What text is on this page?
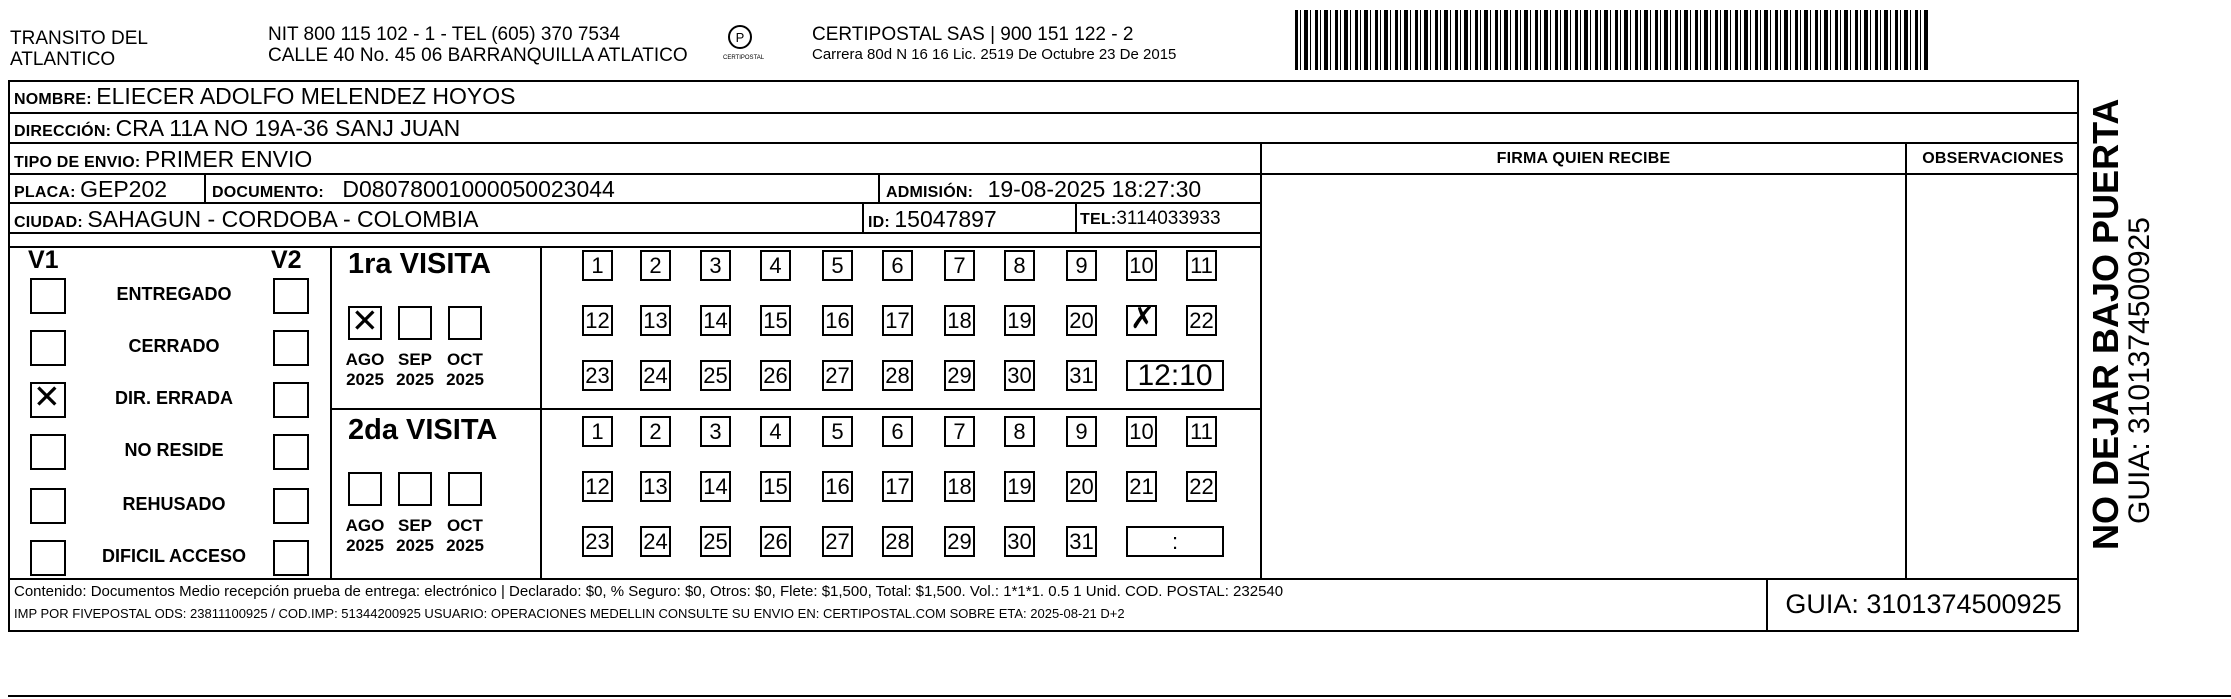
TRANSITO DEL
ATLANTICO
NIT 800 115 102 - 1 - TEL (605) 370 7534
CALLE 40 No. 45 06 BARRANQUILLA ATLATICO
P
CERTIPOSTAL
CERTIPOSTAL SAS | 900 151 122 - 2
Carrera 80d N 16 16 Lic. 2519 De Octubre 23 De 2015
NOMBRE: ELIECER ADOLFO MELENDEZ HOYOS
DIRECCIÓN: CRA 11A NO 19A-36 SANJ JUAN
TIPO DE ENVIO: PRIMER ENVIO	FIRMA QUIEN RECIBE	OBSERVACIONES
PLACA: GEP202	DOCUMENTO: D08078001000050023044	ADMISIÓN: 19-08-2025 18:27:30
CIUDAD: SAHAGUN - CORDOBA - COLOMBIA	ID: 15047897	TEL:3114033933
V1	V2
ENTREGADO
CERRADO
✕
DIR. ERRADA
NO RESIDE
REHUSADO
DIFICIL ACCESO
1ra VISITA
2da VISITA
✕
AGO
2025
SEP
2025
OCT
2025
AGO
2025
SEP
2025
OCT
2025
1	2	3	4	5	6	7	8	9	10 11
12 13 14 15 16 17 18 19 20
✗	22
23 24 25 26 27 28 29 30 31	12:10
1	2	3	4	5	6	7	8	9	10 11
12 13 14 15 16 17 18 19 20 21 22
23 24 25 26 27 28 29 30 31	:
Contenido: Documentos Medio recepción prueba de entrega: electrónico | Declarado: $0, % Seguro: $0, Otros: $0, Flete: $1,500, Total: $1,500. Vol.: 1*1*1. 0.5 1 Unid. COD. POSTAL: 232540
IMP POR FIVEPOSTAL ODS: 23811100925 / COD.IMP: 51344200925 USUARIO: OPERACIONES MEDELLIN CONSULTE SU ENVIO EN: CERTIPOSTAL.COM SOBRE ETA: 2025-08-21 D+2	GUIA: 3101374500925
NO DEJAR BAJO PUERTA
GUIA: 3101374500925
